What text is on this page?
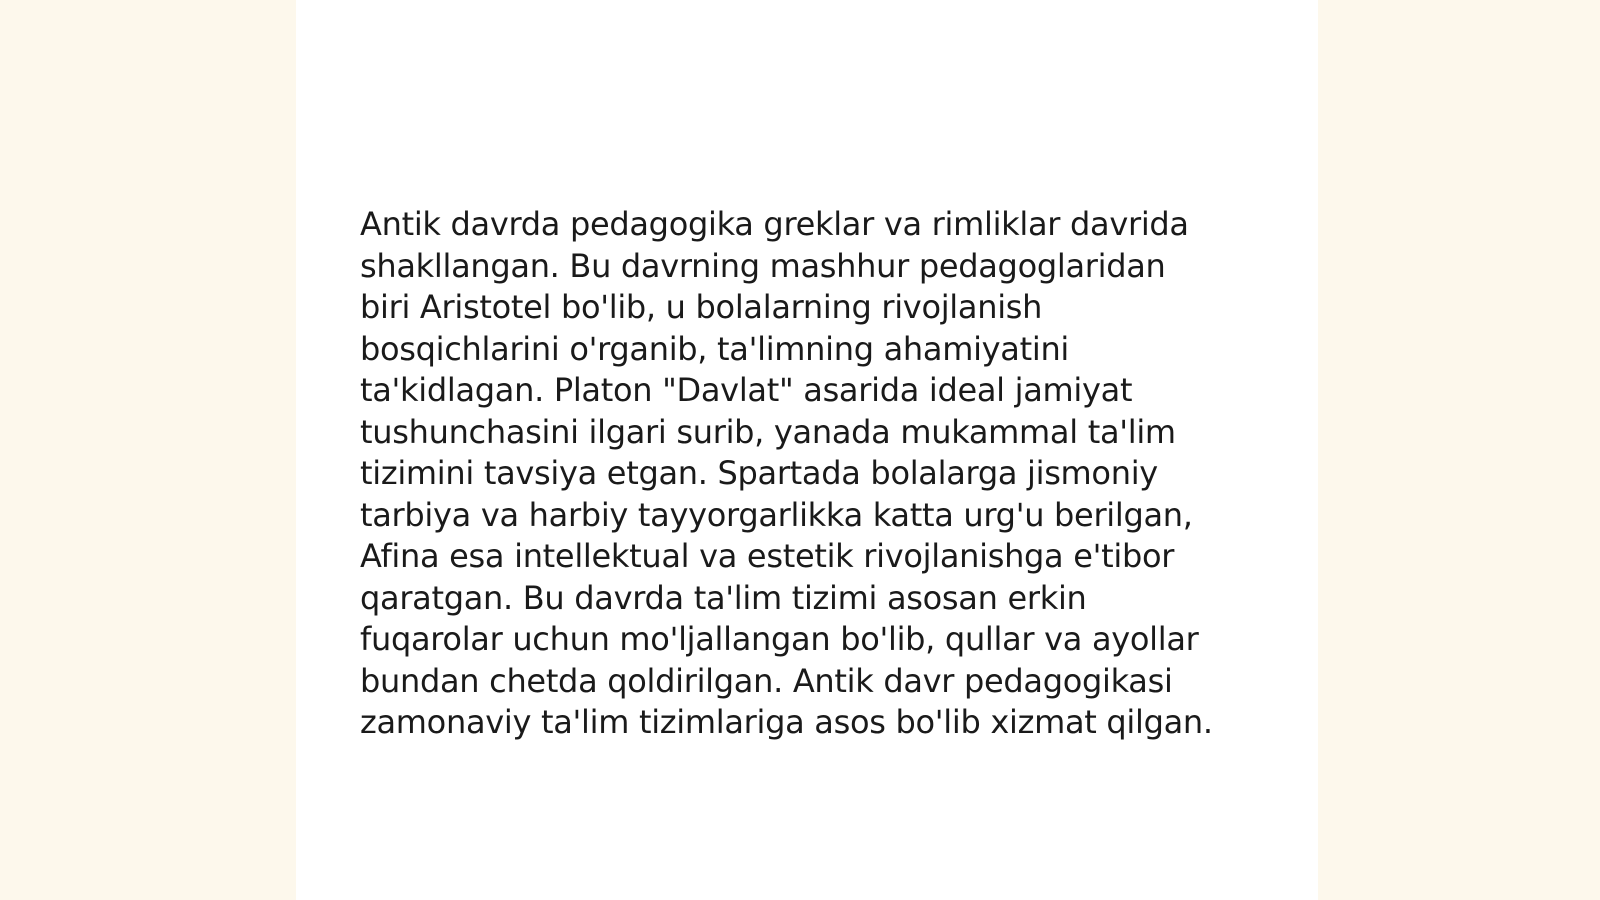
Antik davrda pedagogika greklar va rimliklar davrida
shakllangan. Bu davrning mashhur pedagoglaridan
biri Aristotel bo'lib, u bolalarning rivojlanish
bosqichlarini o'rganib, ta'limning ahamiyatini
ta'kidlagan. Platon "Davlat" asarida ideal jamiyat
tushunchasini ilgari surib, yanada mukammal ta'lim
tizimini tavsiya etgan. Spartada bolalarga jismoniy
tarbiya va harbiy tayyorgarlikka katta urg'u berilgan,
Afina esa intellektual va estetik rivojlanishga e'tibor
qaratgan. Bu davrda ta'lim tizimi asosan erkin
fuqarolar uchun mo'ljallangan bo'lib, qullar va ayollar
bundan chetda qoldirilgan. Antik davr pedagogikasi
zamonaviy ta'lim tizimlariga asos bo'lib xizmat qilgan.
